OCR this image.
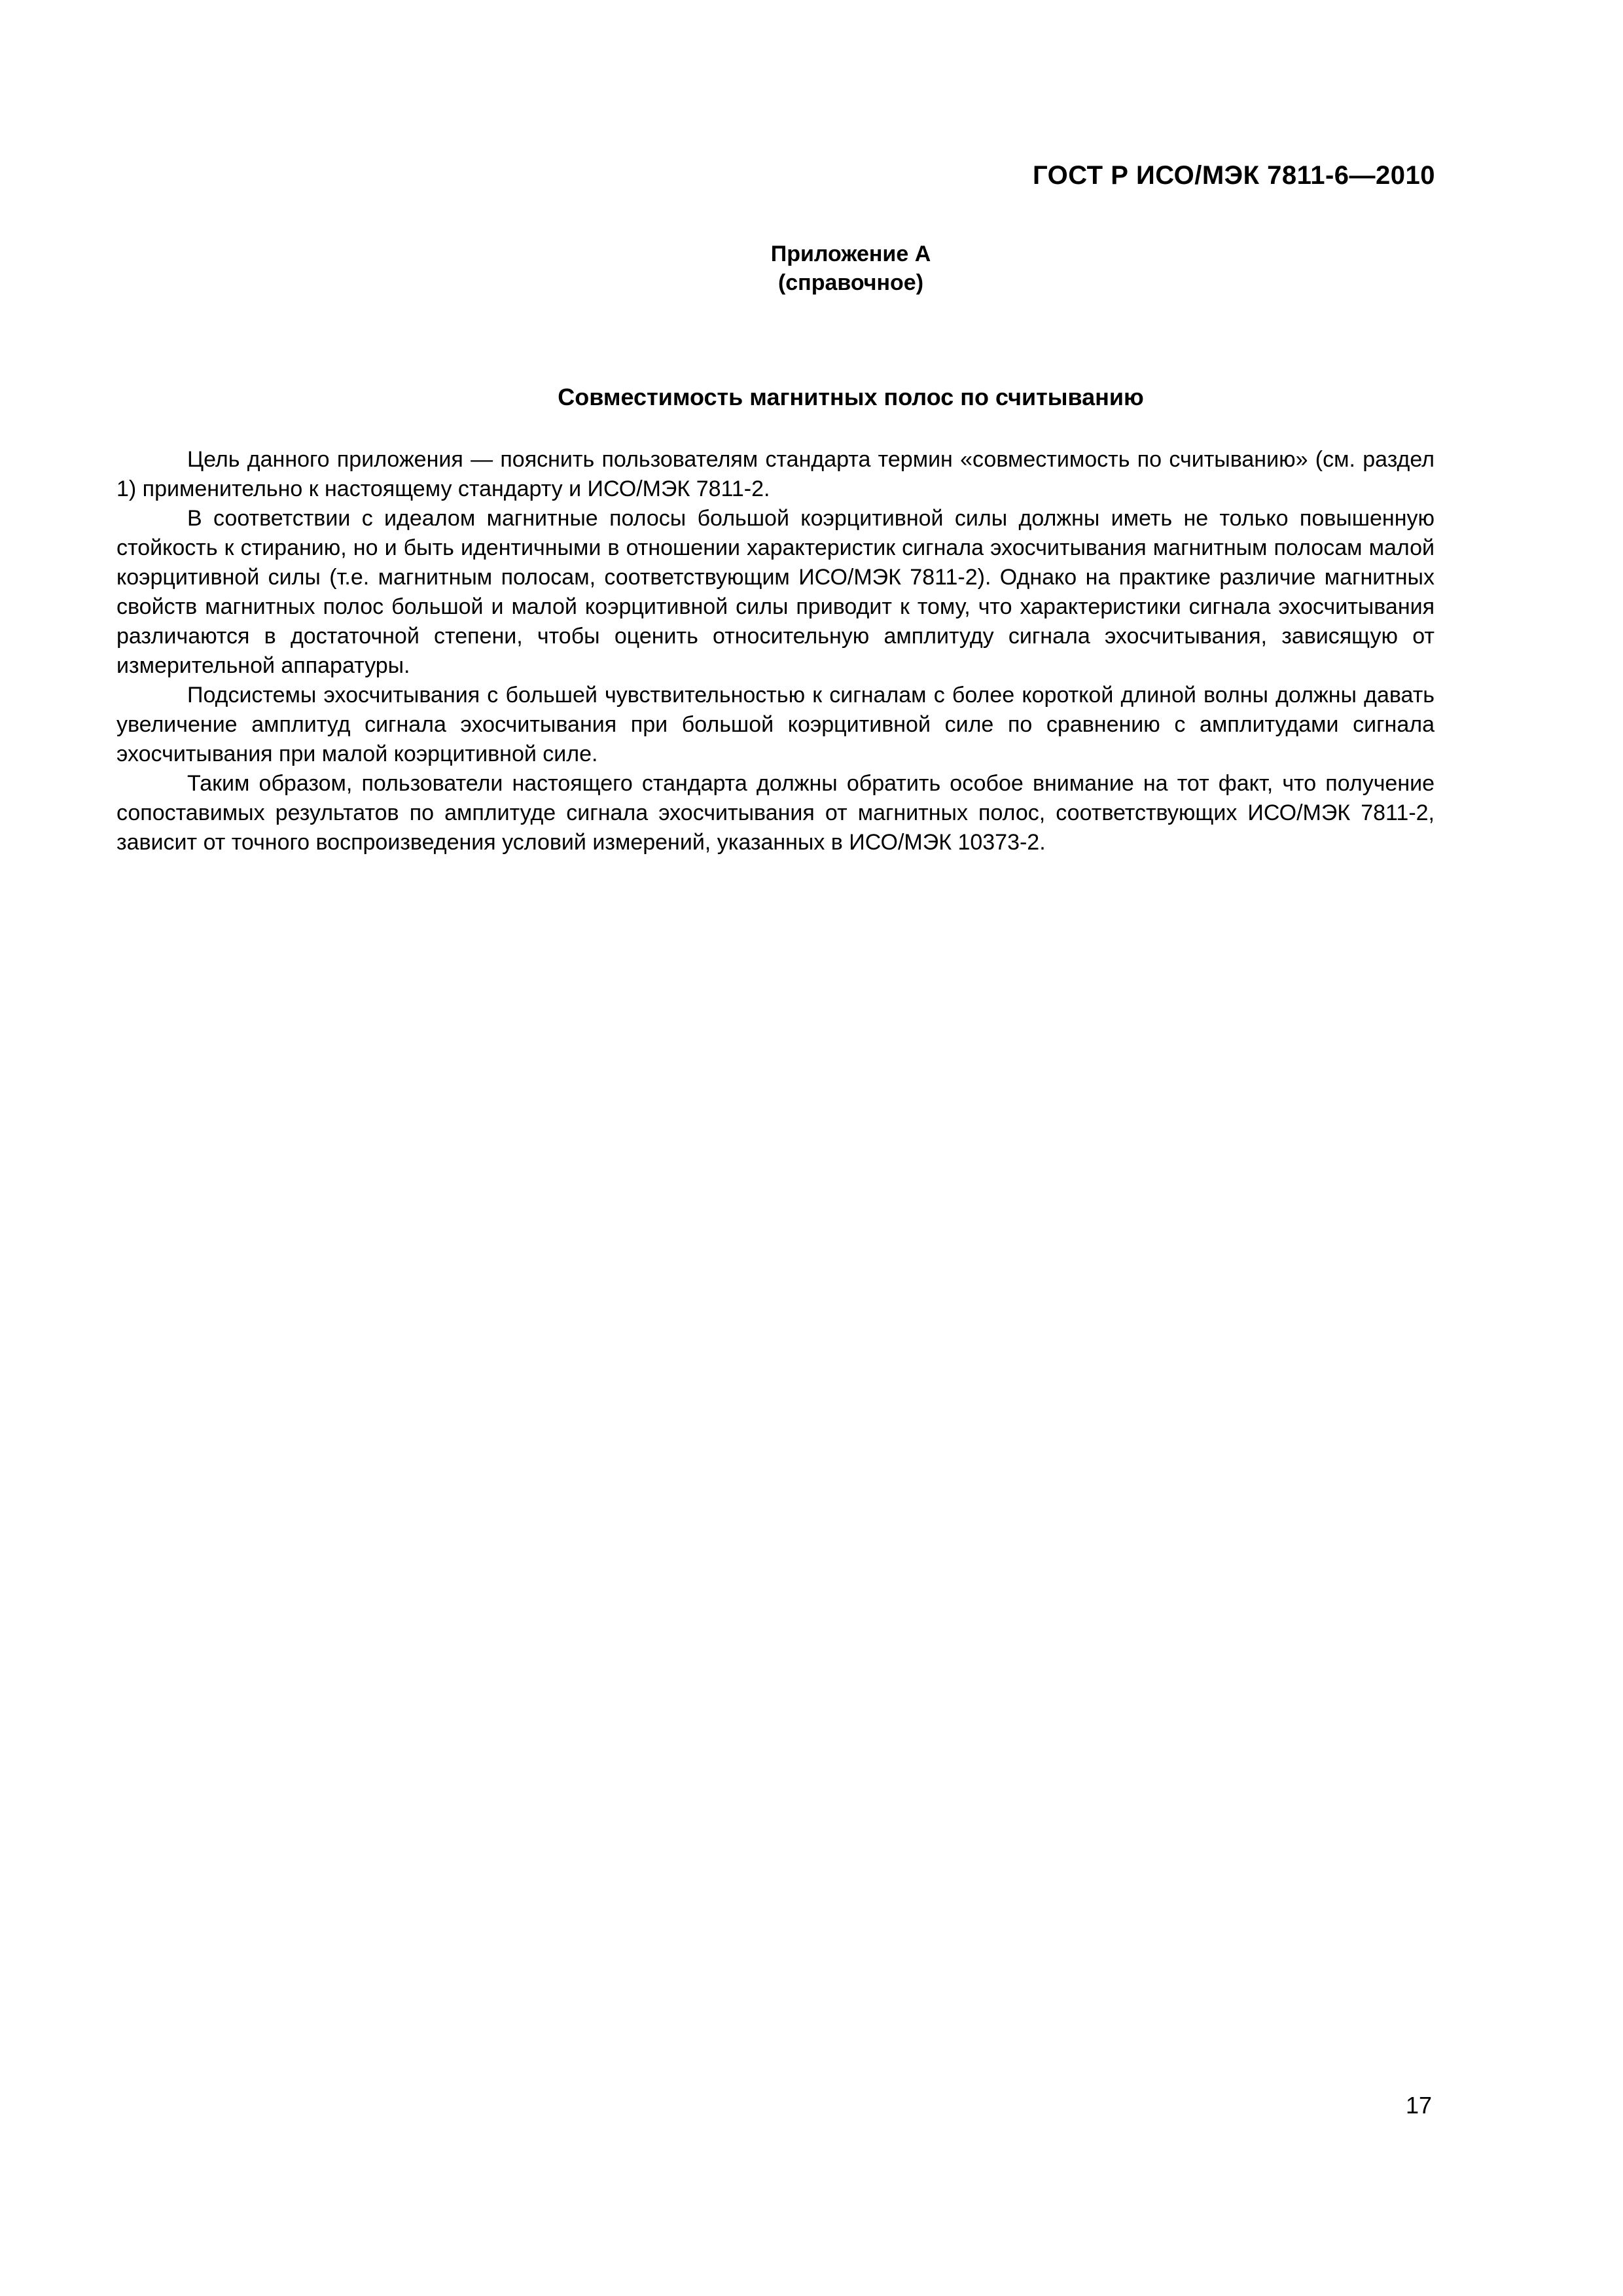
ГОСТ Р ИСО/МЭК 7811-6—2010
Приложение А
(справочное)
Совместимость магнитных полос по считыванию

Цель данного приложения — пояснить пользователям стандарта термин «совместимость по считыванию» (см. раздел 1) применительно к настоящему стандарту и ИСО/МЭК 7811-2.

В соответствии с идеалом магнитные полосы большой коэрцитивной силы должны иметь не только повышенную стойкость к стиранию, но и быть идентичными в отношении характеристик сигнала эхосчитывания магнитным полосам малой коэрцитивной силы (т.е. магнитным полосам, соответствующим ИСО/МЭК 7811-2). Однако на практике различие магнитных свойств магнитных полос большой и малой коэрцитивной силы приводит к тому, что характеристики сигнала эхосчитывания различаются в достаточной степени, чтобы оценить относительную амплитуду сигнала эхосчитывания, зависящую от измерительной аппаратуры.

Подсистемы эхосчитывания с большей чувствительностью к сигналам с более короткой длиной волны должны давать увеличение амплитуд сигнала эхосчитывания при большой коэрцитивной силе по сравнению с амплитудами сигнала эхосчитывания при малой коэрцитивной силе.

Таким образом, пользователи настоящего стандарта должны обратить особое внимание на тот факт, что получение сопоставимых результатов по амплитуде сигнала эхосчитывания от магнитных полос, соответствующих ИСО/МЭК 7811-2, зависит от точного воспроизведения условий измерений, указанных в ИСО/МЭК 10373-2.

17
